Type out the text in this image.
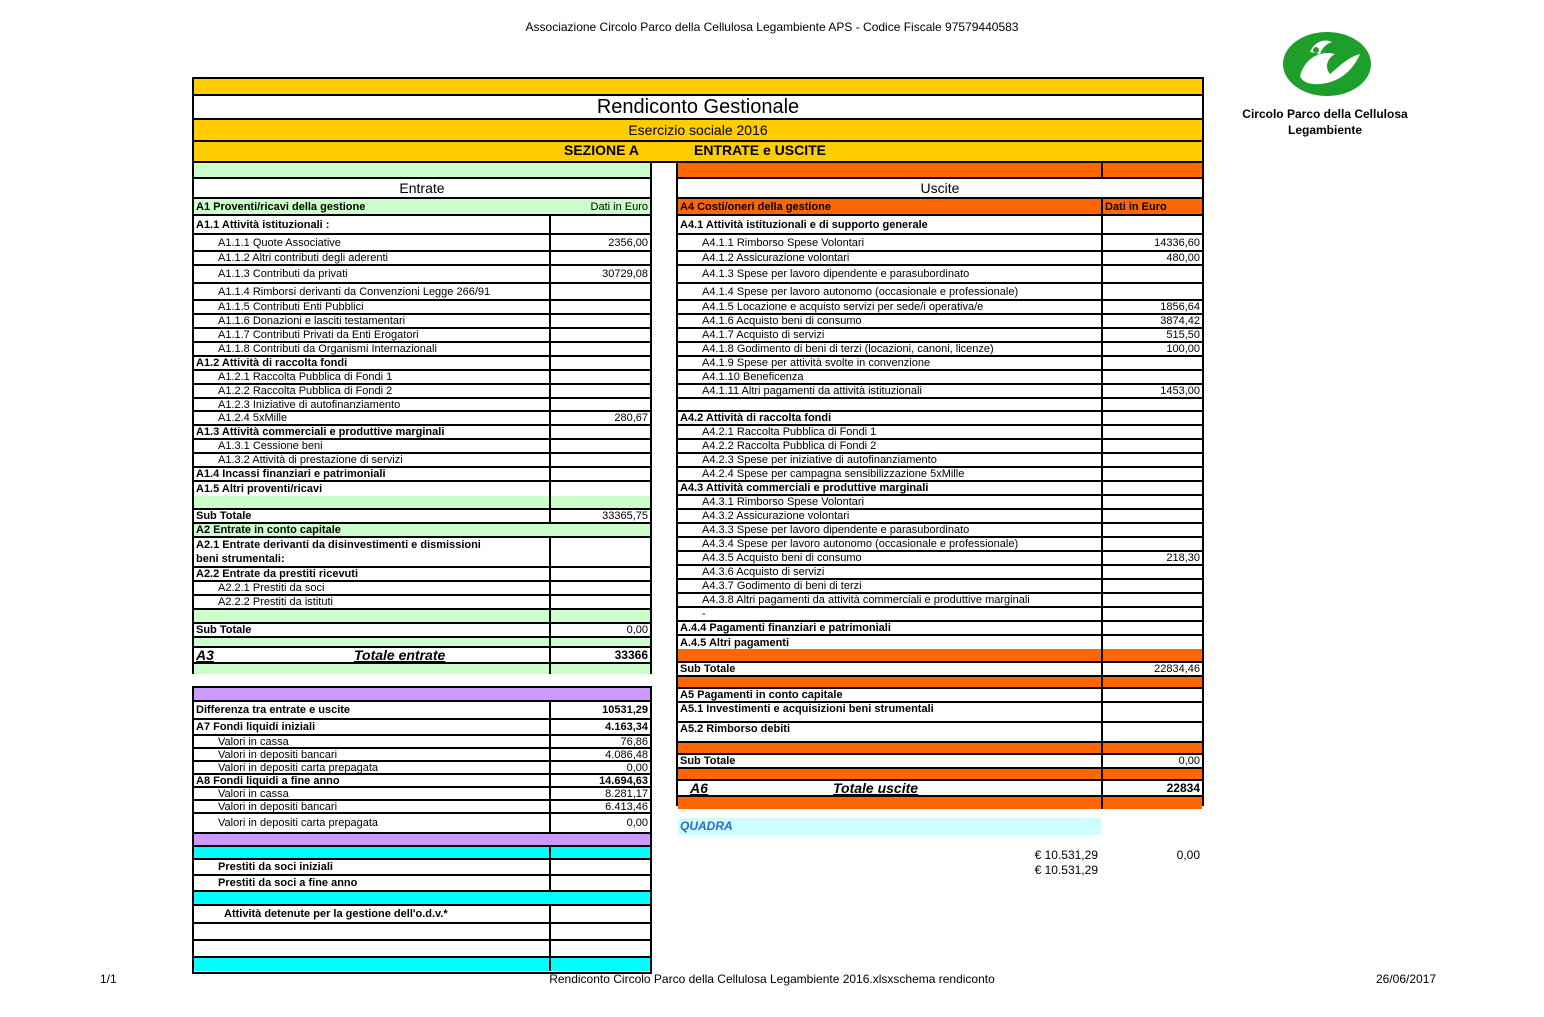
Associazione Circolo Parco della Cellulosa Legambiente APS - Codice Fiscale 97579440583
Circolo Parco della Cellulosa
Legambiente
Rendiconto Gestionale
Esercizio sociale 2016
SEZIONE A	ENTRATE e USCITE
Entrate
A1 Proventi/ricavi della gestione	Dati in Euro
A1.1 Attività istituzionali :
A1.1.1 Quote Associative	2356,00
A1.1.2 Altri contributi degli aderenti
A1.1.3 Contributi da privati	30729,08
A1.1.4 Rimborsi derivanti da Convenzioni Legge 266/91
A1.1.5 Contributi Enti Pubblici
A1.1.6 Donazioni e lasciti testamentari
A1.1.7 Contributi Privati da Enti Erogatori
A1.1.8 Contributi da Organismi Internazionali
A1.2 Attività di raccolta fondi
A1.2.1 Raccolta Pubblica di Fondi 1
A1.2.2 Raccolta Pubblica di Fondi 2
A1.2.3 Iniziative di autofinanziamento
A1.2.4 5xMille	280,67
A1.3 Attività commerciali e produttive marginali
A1.3.1 Cessione beni
A1.3.2 Attività di prestazione di servizi
A1.4 Incassi finanziari e patrimoniali
A1.5 Altri proventi/ricavi
Sub Totale	33365,75
A2 Entrate in conto capitale
A2.1 Entrate derivanti da disinvestimenti e dismissioni
beni strumentali:
A2.2 Entrate da prestiti ricevuti
A2.2.1 Prestiti da soci
A2.2.2 Prestiti da istituti
Sub Totale	0,00
A3	Totale entrate	33366
Uscite
A4 Costi/oneri della gestione	Dati in Euro
A4.1 Attività istituzionali e di supporto generale
A4.1.1 Rimborso Spese Volontari	14336,60
A4.1.2 Assicurazione volontari	480,00
A4.1.3 Spese per lavoro dipendente e parasubordinato
A4.1.4 Spese per lavoro autonomo (occasionale e professionale)
A4.1.5 Locazione e acquisto servizi per sede/i operativa/e	1856,64
A4.1.6 Acquisto beni di consumo	3874,42
A4.1.7 Acquisto di servizi	515,50
A4.1.8 Godimento di beni di terzi (locazioni, canoni, licenze)	100,00
A4.1.9 Spese per attività svolte in convenzione
A4.1.10 Beneficenza
A4.1.11 Altri pagamenti da attività istituzionali	1453,00
A4.2 Attività di raccolta fondi
A4.2.1 Raccolta Pubblica di Fondi 1
A4.2.2 Raccolta Pubblica di Fondi 2
A4.2.3 Spese per iniziative di autofinanziamento
A4.2.4 Spese per campagna sensibilizzazione 5xMille
A4.3 Attività commerciali e produttive marginali
A4.3.1 Rimborso Spese Volontari
A4.3.2 Assicurazione volontari
A4.3.3 Spese per lavoro dipendente e parasubordinato
A4.3.4 Spese per lavoro autonomo (occasionale e professionale)
A4.3.5 Acquisto beni di consumo	218,30
A4.3.6 Acquisto di servizi
A4.3.7 Godimento di beni di terzi
A4.3.8 Altri pagamenti da attività commerciali e produttive marginali
-
A.4.4 Pagamenti finanziari e patrimoniali
A.4.5 Altri pagamenti
Sub Totale	22834,46
A5 Pagamenti in conto capitale
A5.1 Investimenti e acquisizioni beni strumentali
A5.2 Rimborso debiti
Sub Totale	0,00
A6	Totale uscite	22834
Differenza tra entrate e uscite	10531,29
A7 Fondi liquidi iniziali	4.163,34
Valori in cassa	76,86
Valori in depositi bancari	4.086,48
Valori in depositi carta prepagata	0,00
A8 Fondi liquidi a fine anno	14.694,63
Valori in cassa	8.281,17
Valori in depositi bancari	6.413,46
Valori in depositi carta prepagata	0,00
Prestiti da soci iniziali
Prestiti da soci a fine anno
Attività detenute per la gestione dell'o.d.v.*
QUADRA
€ 10.531,29	0,00
€ 10.531,29
1/1	Rendiconto Circolo Parco della Cellulosa Legambiente 2016.xlsxschema rendiconto	26/06/2017
